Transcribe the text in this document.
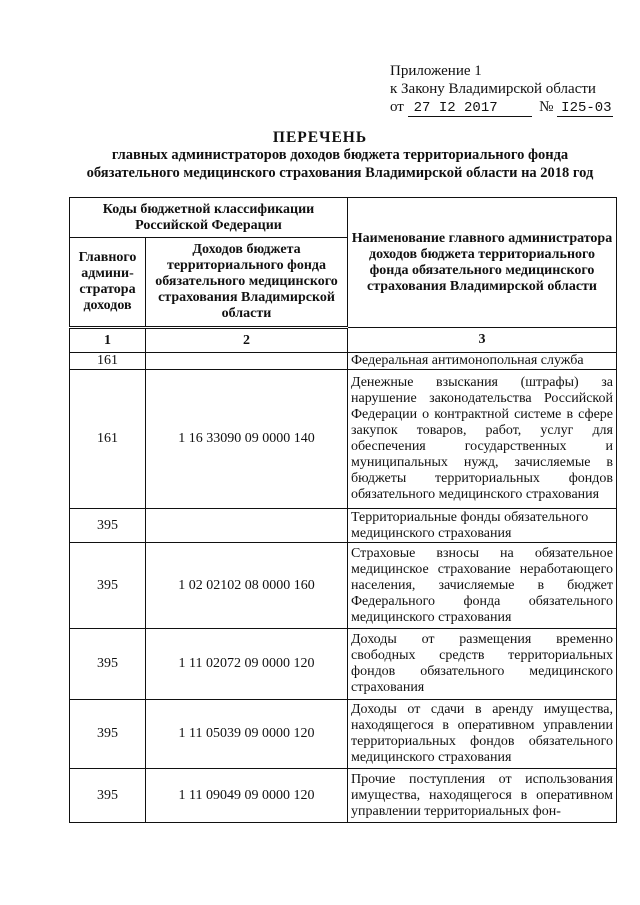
Приложение 1
к Закону Владимирской области
от 27 I2 2017	№ I25-03
ПЕРЕЧЕНЬ
главных администраторов доходов бюджета территориального фонда обязательного медицинского страхования Владимирской области на 2018 год
Коды бюджетной классификации Российской Федерации		Наименование главного администратора доходов бюджета территориального фонда обязательного медицинского страхования Владимирской области
Главного админи-стратора доходов	Доходов бюджета территориального фонда обязательного медицинского страхования Владимирской области	
1	2	3
161		Федеральная антимонопольная служба
161	1 16 33090 09 0000 140	Денежные взыскания (штрафы) за нарушение законодательства Российской Федерации о контрактной системе в сфере закупок товаров, работ, услуг для обеспечения государственных и муниципальных нужд, зачисляемые в бюджеты территориальных фондов обязательного медицинского страхования
395		Территориальные фонды обязательного медицинского страхования
395	1 02 02102 08 0000 160	Страховые взносы на обязательное медицинское страхование неработающего населения, зачисляемые в бюджет Федерального фонда обязательного медицинского страхования
395	1 11 02072 09 0000 120	Доходы от размещения временно свободных средств территориальных фондов обязательного медицинского страхования
395	1 11 05039 09 0000 120	Доходы от сдачи в аренду имущества, находящегося в оперативном управлении территориальных фондов обязательного медицинского страхования
395	1 11 09049 09 0000 120	Прочие поступления от использования имущества, находящегося в оперативном управлении территориальных фон-
